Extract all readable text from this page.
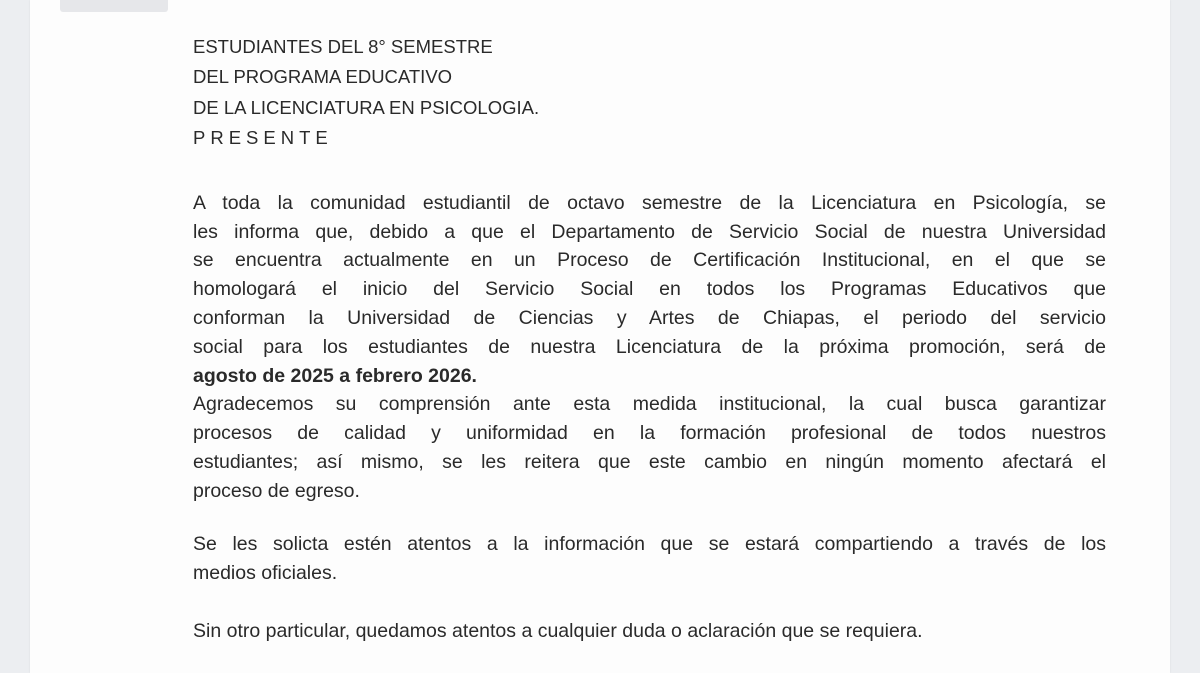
ESTUDIANTES DEL 8° SEMESTRE
DEL PROGRAMA EDUCATIVO
DE LA LICENCIATURA EN PSICOLOGIA.
PRESENTE
A toda la comunidad estudiantil de octavo semestre de la Licenciatura en Psicología, se
les informa que, debido a que el Departamento de Servicio Social de nuestra Universidad
se encuentra actualmente en un Proceso de Certificación Institucional, en el que se
homologará el inicio del Servicio Social en todos los Programas Educativos que
conforman la Universidad de Ciencias y Artes de Chiapas, el periodo del servicio
social para los estudiantes de nuestra Licenciatura de la próxima promoción, será de
agosto de 2025 a febrero 2026.
Agradecemos su comprensión ante esta medida institucional, la cual busca garantizar
procesos de calidad y uniformidad en la formación profesional de todos nuestros
estudiantes; así mismo, se les reitera que este cambio en ningún momento afectará el
proceso de egreso.
Se les solicta estén atentos a la información que se estará compartiendo a través de los
medios oficiales.
Sin otro particular, quedamos atentos a cualquier duda o aclaración que se requiera.
